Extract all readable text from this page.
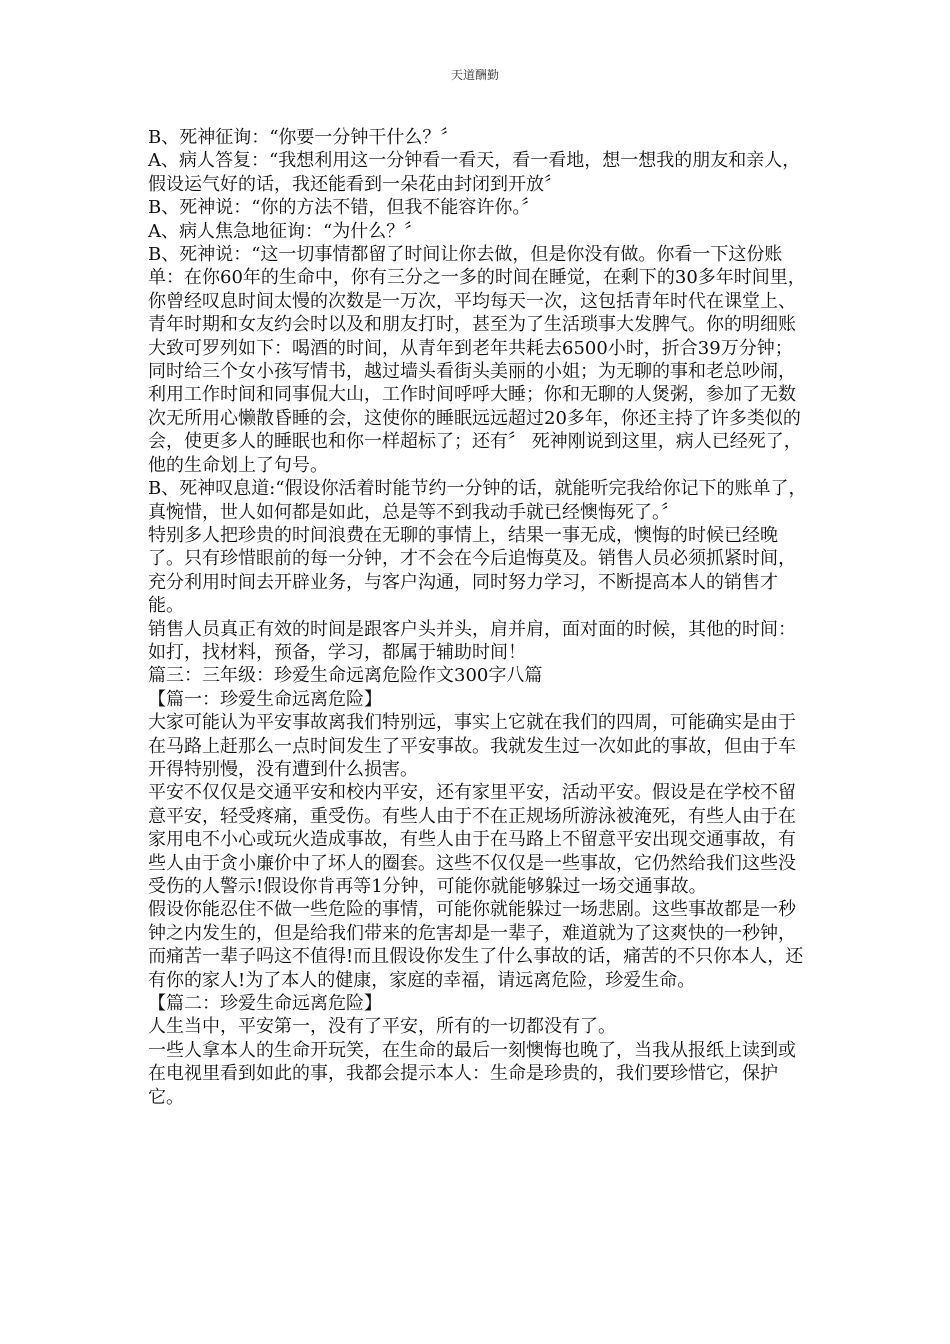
天道酬勤

B、死神征询：“你要一分钟干什么？〞

A、病人答复：“我想利用这一分钟看一看天，看一看地，想一想我的朋友和亲人，假设运气好的话，我还能看到一朵花由封闭到开放〞

B、死神说：“你的方法不错，但我不能容许你。〞

A、病人焦急地征询：“为什么？〞

B、死神说：“这一切事情都留了时间让你去做，但是你没有做。你看一下这份账单：在你60年的生命中，你有三分之一多的时间在睡觉，在剩下的30多年时间里，你曾经叹息时间太慢的次数是一万次，平均每天一次，这包括青年时代在课堂上、青年时期和女友约会时以及和朋友打时，甚至为了生活琐事大发脾气。你的明细账大致可罗列如下：喝酒的时间，从青年到老年共耗去6500小时，折合39万分钟；同时给三个女小孩写情书，越过墙头看街头美丽的小姐；为无聊的事和老总吵闹，利用工作时间和同事侃大山，工作时间呼呼大睡；你和无聊的人煲粥，参加了无数次无所用心懒散昏睡的会，这使你的睡眠远远超过20多年，你还主持了许多类似的会，使更多人的睡眠也和你一样超标了；还有〞 死神刚说到这里，病人已经死了，他的生命划上了句号。

B、死神叹息道:“假设你活着时能节约一分钟的话，就能听完我给你记下的账单了，真惋惜，世人如何都是如此，总是等不到我动手就已经懊悔死了。〞

特别多人把珍贵的时间浪费在无聊的事情上，结果一事无成，懊悔的时候已经晚了。只有珍惜眼前的每一分钟，才不会在今后追悔莫及。销售人员必须抓紧时间，充分利用时间去开辟业务，与客户沟通，同时努力学习，不断提高本人的销售才能。

销售人员真正有效的时间是跟客户头并头，肩并肩，面对面的时候，其他的时间：如打，找材料，预备，学习，都属于辅助时间！

篇三：三年级：珍爱生命远离危险作文300字八篇

【篇一：珍爱生命远离危险】

大家可能认为平安事故离我们特别远，事实上它就在我们的四周，可能确实是由于在马路上赶那么一点时间发生了平安事故。我就发生过一次如此的事故，但由于车开得特别慢，没有遭到什么损害。

平安不仅仅是交通平安和校内平安，还有家里平安，活动平安。假设是在学校不留意平安，轻受疼痛，重受伤。有些人由于不在正规场所游泳被淹死，有些人由于在家用电不小心或玩火造成事故，有些人由于在马路上不留意平安出现交通事故，有些人由于贪小廉价中了坏人的圈套。这些不仅仅是一些事故，它仍然给我们这些没受伤的人警示!假设你肯再等1分钟，可能你就能够躲过一场交通事故。

假设你能忍住不做一些危险的事情，可能你就能躲过一场悲剧。这些事故都是一秒钟之内发生的，但是给我们带来的危害却是一辈子，难道就为了这爽快的一秒钟，而痛苦一辈子吗这不值得!而且假设你发生了什么事故的话，痛苦的不只你本人，还有你的家人!为了本人的健康，家庭的幸福，请远离危险，珍爱生命。

【篇二：珍爱生命远离危险】

人生当中，平安第一，没有了平安，所有的一切都没有了。

一些人拿本人的生命开玩笑，在生命的最后一刻懊悔也晚了，当我从报纸上读到或在电视里看到如此的事，我都会提示本人：生命是珍贵的，我们要珍惜它，保护它。
